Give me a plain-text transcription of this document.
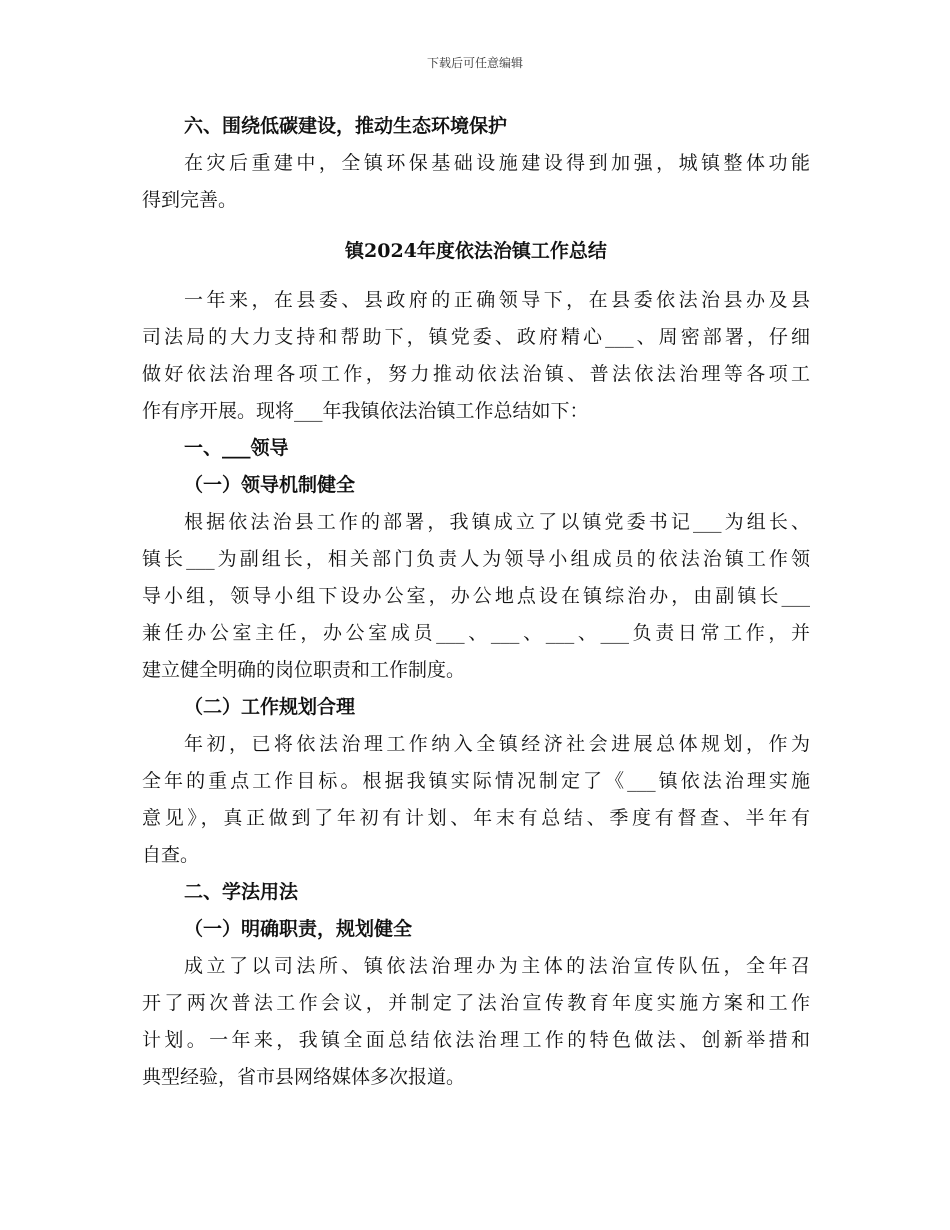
下载后可任意编辑

六、围绕低碳建设，推动生态环境保护

在灾后重建中，全镇环保基础设施建设得到加强，城镇整体功能

得到完善。

镇2024年度依法治镇工作总结

一年来，在县委、县政府的正确领导下，在县委依法治县办及县

司法局的大力支持和帮助下，镇党委、政府精心___、周密部署，仔细

做好依法治理各项工作，努力推动依法治镇、普法依法治理等各项工

作有序开展。现将___年我镇依法治镇工作总结如下：

一、___领导

（一）领导机制健全

根据依法治县工作的部署，我镇成立了以镇党委书记___为组长、

镇长___为副组长，相关部门负责人为领导小组成员的依法治镇工作领

导小组，领导小组下设办公室，办公地点设在镇综治办，由副镇长___

兼任办公室主任，办公室成员___、___、___、___负责日常工作，并

建立健全明确的岗位职责和工作制度。

（二）工作规划合理

年初，已将依法治理工作纳入全镇经济社会进展总体规划，作为

全年的重点工作目标。根据我镇实际情况制定了《___镇依法治理实施

意见》，真正做到了年初有计划、年末有总结、季度有督查、半年有

自查。

二、学法用法

（一）明确职责，规划健全

成立了以司法所、镇依法治理办为主体的法治宣传队伍，全年召

开了两次普法工作会议，并制定了法治宣传教育年度实施方案和工作

计划。一年来，我镇全面总结依法治理工作的特色做法、创新举措和

典型经验，省市县网络媒体多次报道。
